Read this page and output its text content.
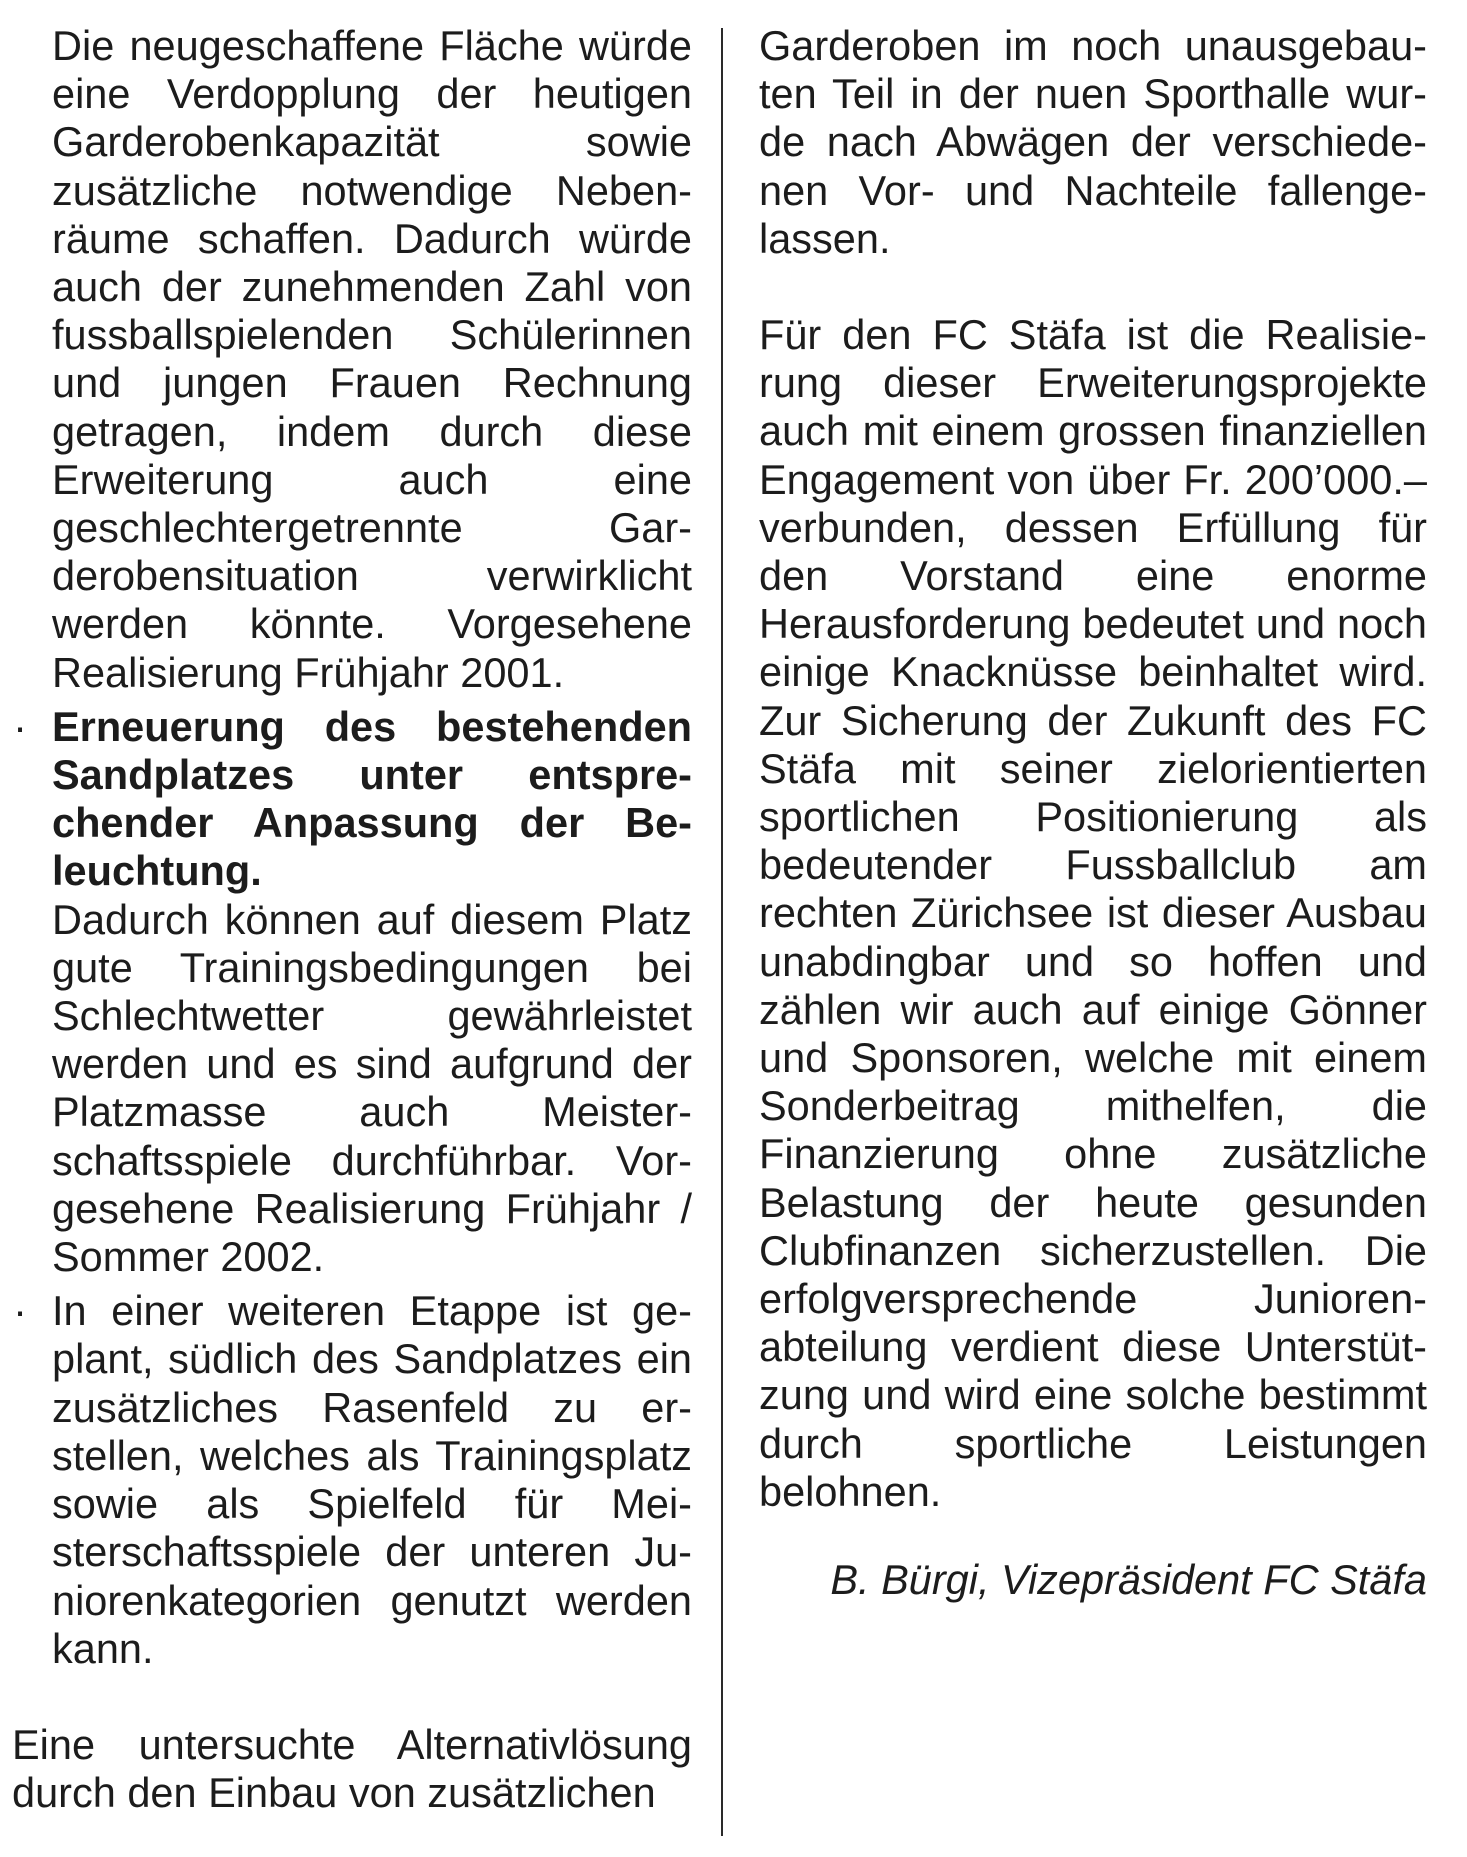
Die neugeschaffene Fläche würde eine Verdopplung der heutigen Garderobenkapazität sowie zusätzliche notwendige Nebenräume schaffen. Dadurch würde auch der zunehmenden Zahl von fussballspielenden Schülerinnen und jungen Frauen Rechnung getragen, indem durch diese Erweiterung auch eine geschlechtergetrennte Garderobensituation verwirklicht werden könnte. Vorgesehene Realisierung Frühjahr 2001.

· Erneuerung des bestehenden Sandplatzes unter entsprechender Anpassung der Beleuchtung.

Dadurch können auf diesem Platz gute Trainingsbedingungen bei Schlechtwetter gewährleistet werden und es sind aufgrund der Platzmasse auch Meisterschaftsspiele durchführbar. Vorgesehene Realisierung Frühjahr / Sommer 2002.

· In einer weiteren Etappe ist geplant, südlich des Sandplatzes ein zusätzliches Rasenfeld zu erstellen, welches als Trainingsplatz sowie als Spielfeld für Meisterschaftsspiele der unteren Juniorenkategorien genutzt werden kann.

Eine untersuchte Alternativlösung durch den Einbau von zusätzlichen

Garderoben im noch unausgebauten Teil in der nuen Sporthalle wurde nach Abwägen der verschiedenen Vor- und Nachteile fallengelassen.

Für den FC Stäfa ist die Realisierung dieser Erweiterungsprojekte auch mit einem grossen finanziellen Engagement von über Fr. 200’000.– verbunden, dessen Erfüllung für den Vorstand eine enorme Herausforderung bedeutet und noch einige Knacknüsse beinhaltet wird. Zur Sicherung der Zukunft des FC Stäfa mit seiner zielorientierten sportlichen Positionierung als bedeutender Fussballclub am rechten Zürichsee ist dieser Ausbau unabdingbar und so hoffen und zählen wir auch auf einige Gönner und Sponsoren, welche mit einem Sonderbeitrag mithelfen, die Finanzierung ohne zusätzliche Belastung der heute gesunden Clubfinanzen sicherzustellen. Die erfolgversprechende Juniorenabteilung verdient diese Unterstützung und wird eine solche bestimmt durch sportliche Leistungen belohnen.

B. Bürgi, Vizepräsident FC Stäfa
